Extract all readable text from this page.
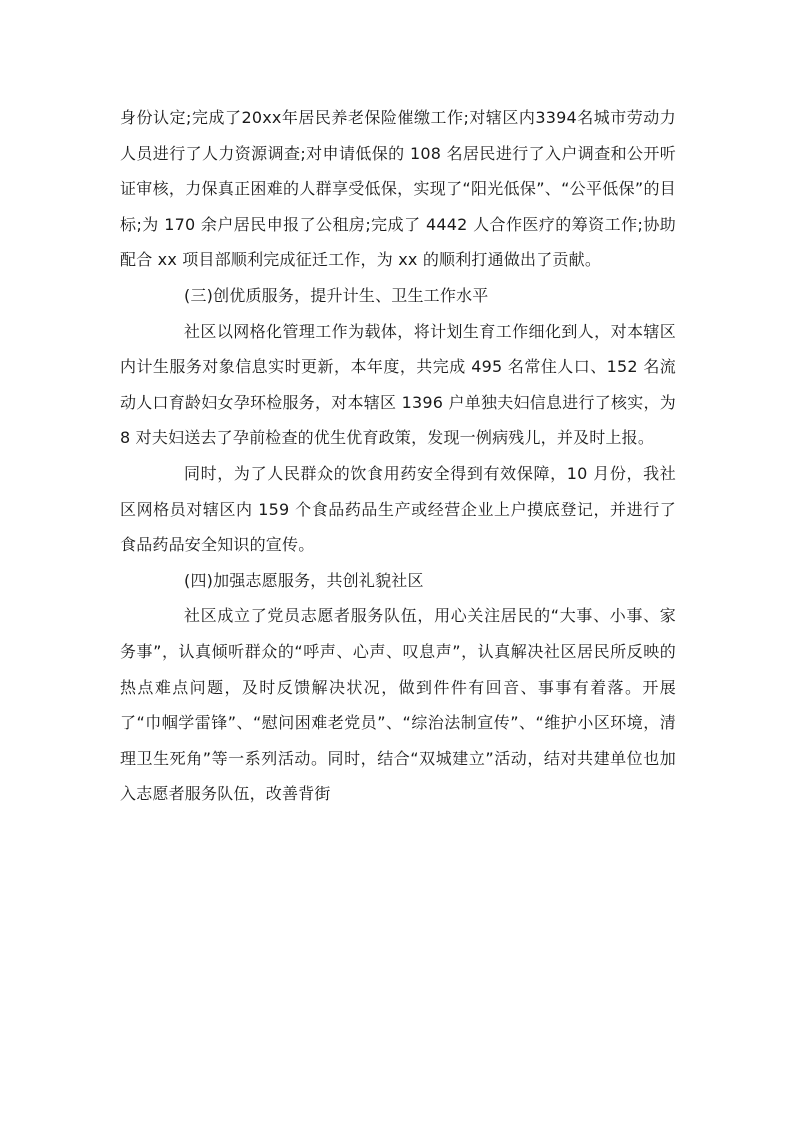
身份认定;完成了20xx年居民养老保险催缴工作;对辖区内3394名城市劳动力人员进行了人力资源调查;对申请低保的 108 名居民进行了入户调查和公开听证审核，力保真正困难的人群享受低保，实现了“阳光低保”、“公平低保”的目标;为 170 余户居民申报了公租房;完成了 4442 人合作医疗的筹资工作;协助配合 xx 项目部顺利完成征迁工作，为 xx 的顺利打通做出了贡献。

(三)创优质服务，提升计生、卫生工作水平

社区以网格化管理工作为载体，将计划生育工作细化到人，对本辖区内计生服务对象信息实时更新，本年度，共完成 495 名常住人口、152 名流动人口育龄妇女孕环检服务，对本辖区 1396 户单独夫妇信息进行了核实，为 8 对夫妇送去了孕前检查的优生优育政策，发现一例病残儿，并及时上报。

同时，为了人民群众的饮食用药安全得到有效保障，10 月份，我社区网格员对辖区内 159 个食品药品生产或经营企业上户摸底登记，并进行了食品药品安全知识的宣传。

(四)加强志愿服务，共创礼貌社区

社区成立了党员志愿者服务队伍，用心关注居民的“大事、小事、家务事”，认真倾听群众的“呼声、心声、叹息声”，认真解决社区居民所反映的热点难点问题，及时反馈解决状况，做到件件有回音、事事有着落。开展了“巾帼学雷锋”、“慰问困难老党员”、“综治法制宣传”、“维护小区环境，清理卫生死角”等一系列活动。同时，结合“双城建立”活动，结对共建单位也加入志愿者服务队伍，改善背街
